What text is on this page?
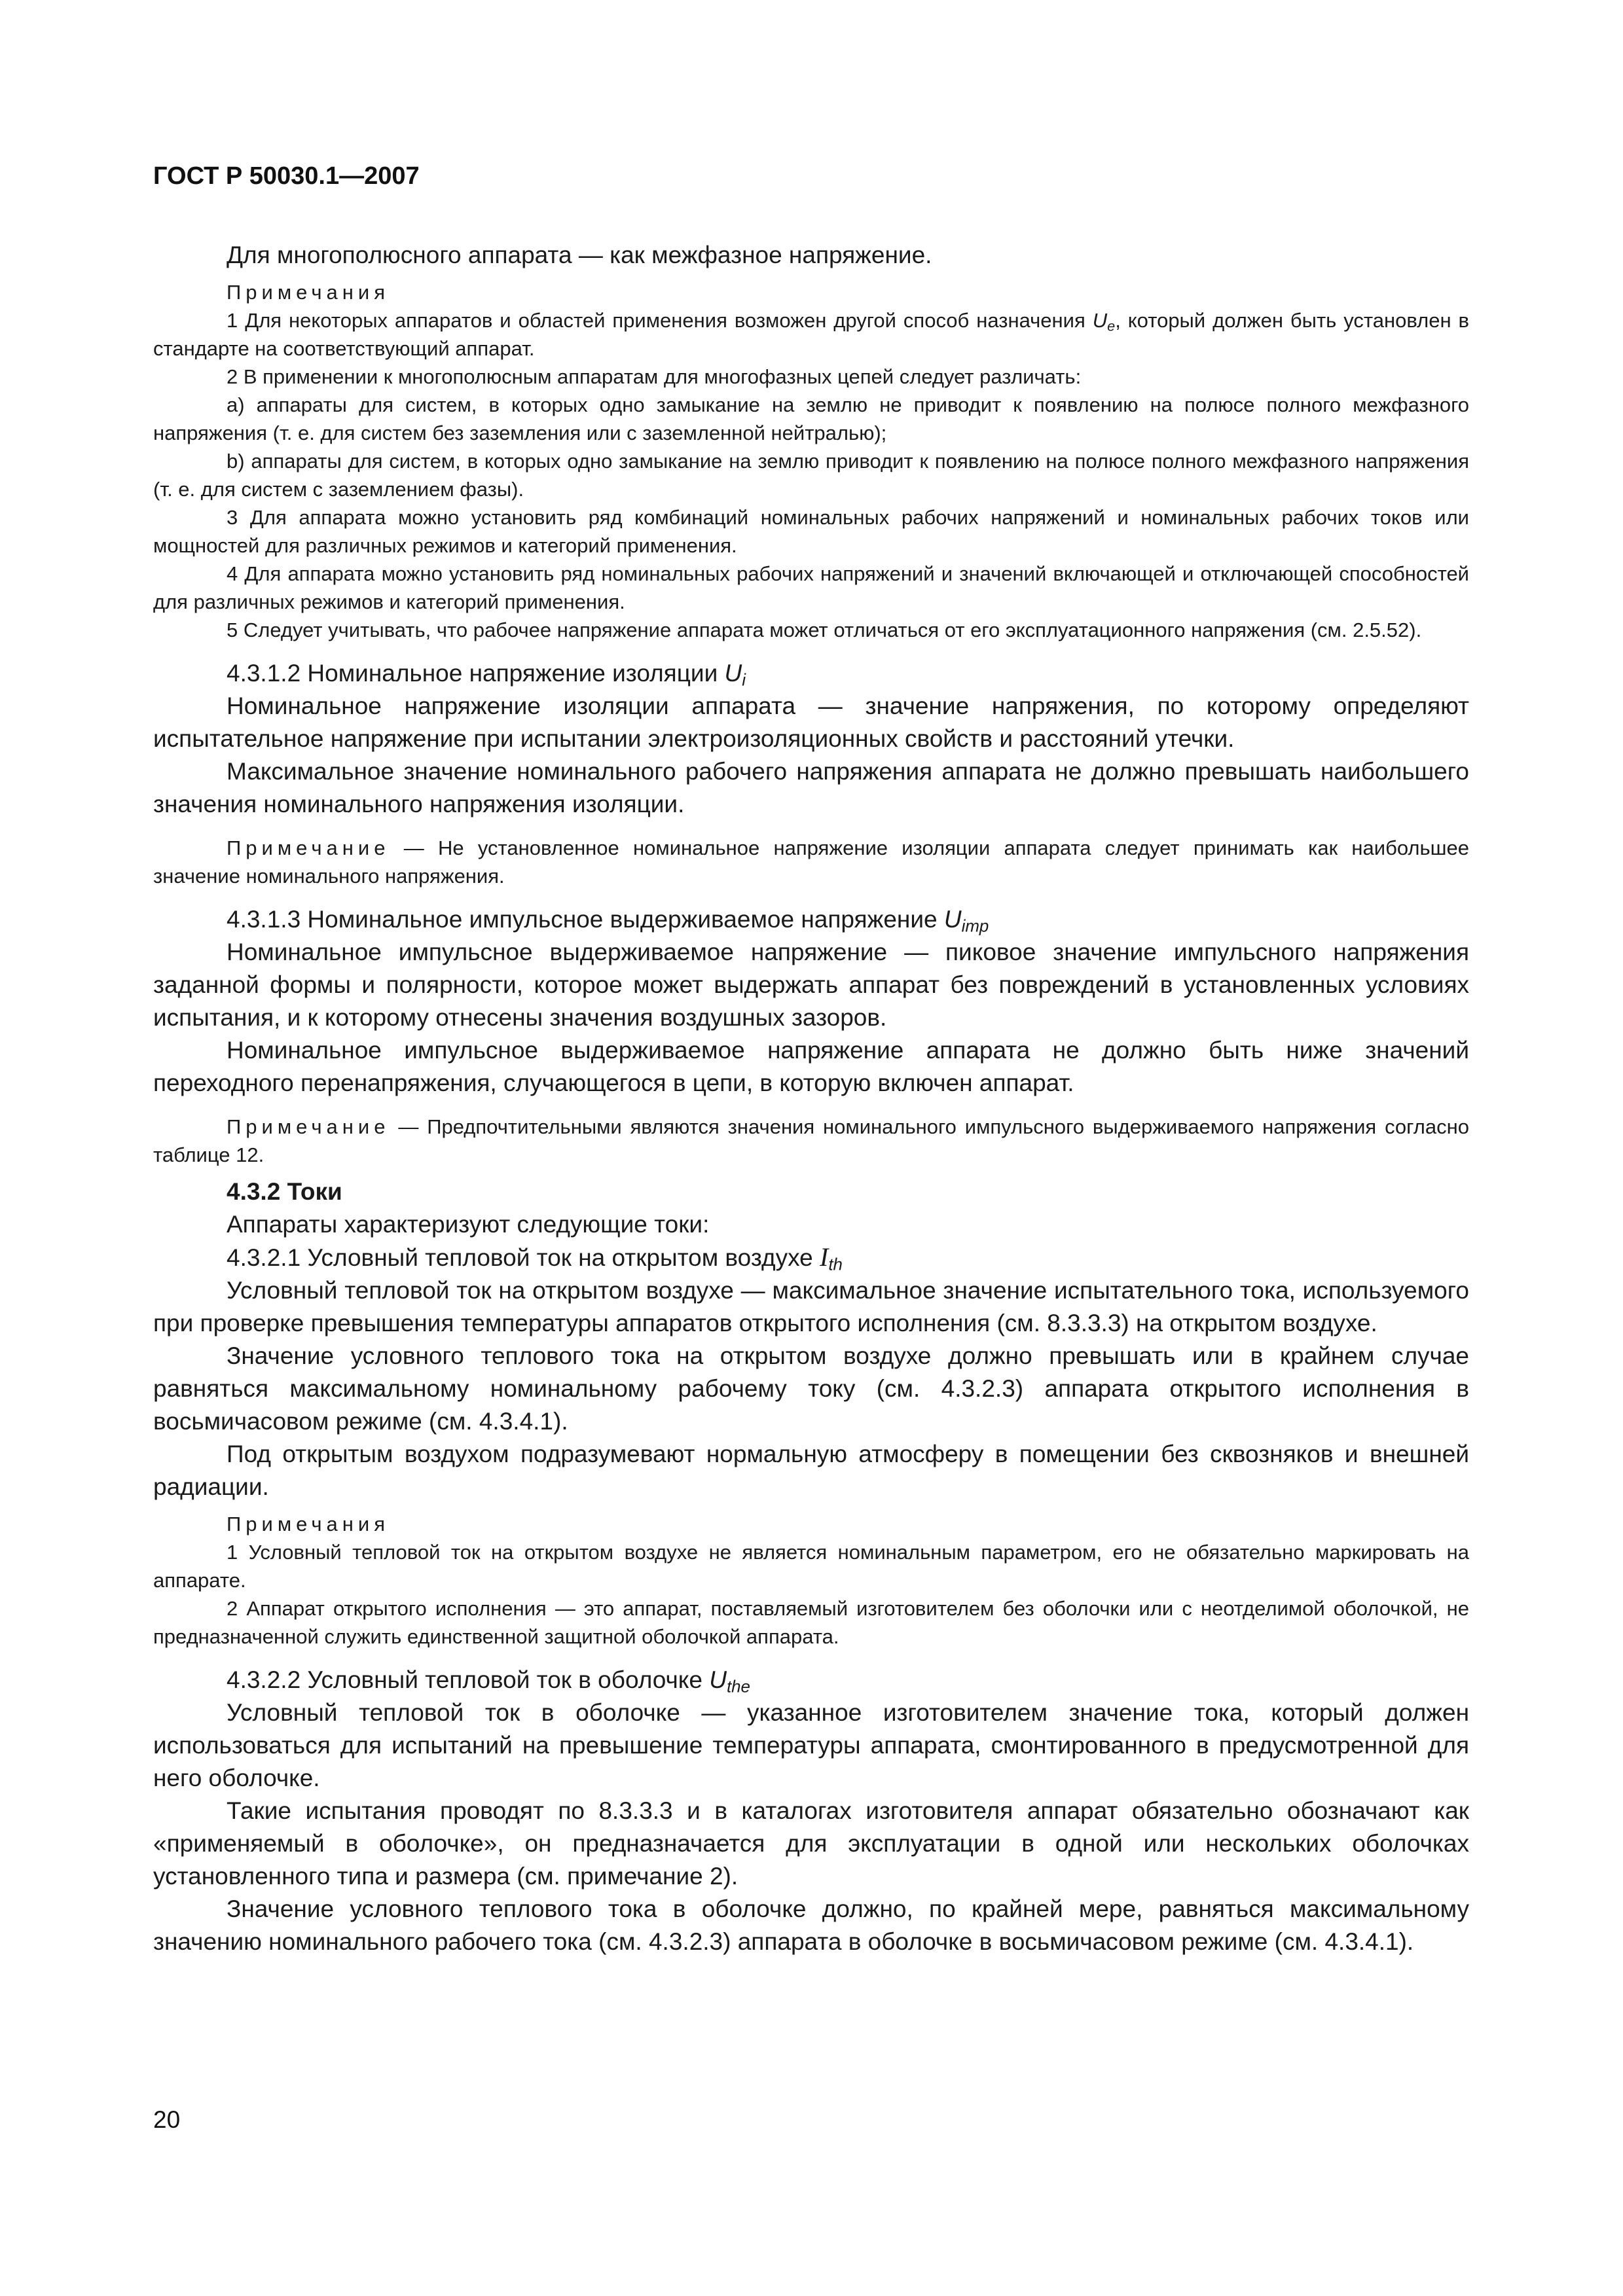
ГОСТ Р 50030.1—2007

Для многополюсного аппарата — как межфазное напряжение.

Примечания

1 Для некоторых аппаратов и областей применения возможен другой способ назначения $U_e$, который должен быть установлен в стандарте на соответствующий аппарат.

2 В применении к многополюсным аппаратам для многофазных цепей следует различать:

a) аппараты для систем, в которых одно замыкание на землю не приводит к появлению на полюсе полного межфазного напряжения (т. е. для систем без заземления или с заземленной нейтралью);

b) аппараты для систем, в которых одно замыкание на землю приводит к появлению на полюсе полного межфазного напряжения (т. е. для систем с заземлением фазы).

3 Для аппарата можно установить ряд комбинаций номинальных рабочих напряжений и номинальных рабочих токов или мощностей для различных режимов и категорий применения.

4 Для аппарата можно установить ряд номинальных рабочих напряжений и значений включающей и отключающей способностей для различных режимов и категорий применения.

5 Следует учитывать, что рабочее напряжение аппарата может отличаться от его эксплуатационного напряжения (см. 2.5.52).

4.3.1.2 Номинальное напряжение изоляции $U_i$

Номинальное напряжение изоляции аппарата — значение напряжения, по которому определяют испытательное напряжение при испытании электроизоляционных свойств и расстояний утечки.

Максимальное значение номинального рабочего напряжения аппарата не должно превышать наибольшего значения номинального напряжения изоляции.

Примечание — Не установленное номинальное напряжение изоляции аппарата следует принимать как наибольшее значение номинального напряжения.

4.3.1.3 Номинальное импульсное выдерживаемое напряжение $U_{imp}$

Номинальное импульсное выдерживаемое напряжение — пиковое значение импульсного напряжения заданной формы и полярности, которое может выдержать аппарат без повреждений в установленных условиях испытания, и к которому отнесены значения воздушных зазоров.

Номинальное импульсное выдерживаемое напряжение аппарата не должно быть ниже значений переходного перенапряжения, случающегося в цепи, в которую включен аппарат.

Примечание — Предпочтительными являются значения номинального импульсного выдерживаемого напряжения согласно таблице 12.

4.3.2 Токи

Аппараты характеризуют следующие токи:

4.3.2.1 Условный тепловой ток на открытом воздухе $I_{th}$

Условный тепловой ток на открытом воздухе — максимальное значение испытательного тока, используемого при проверке превышения температуры аппаратов открытого исполнения (см. 8.3.3.3) на открытом воздухе.

Значение условного теплового тока на открытом воздухе должно превышать или в крайнем случае равняться максимальному номинальному рабочему току (см. 4.3.2.3) аппарата открытого исполнения в восьмичасовом режиме (см. 4.3.4.1).

Под открытым воздухом подразумевают нормальную атмосферу в помещении без сквозняков и внешней радиации.

Примечания

1 Условный тепловой ток на открытом воздухе не является номинальным параметром, его не обязательно маркировать на аппарате.

2 Аппарат открытого исполнения — это аппарат, поставляемый изготовителем без оболочки или с неотделимой оболочкой, не предназначенной служить единственной защитной оболочкой аппарата.

4.3.2.2 Условный тепловой ток в оболочке $U_{the}$

Условный тепловой ток в оболочке — указанное изготовителем значение тока, который должен использоваться для испытаний на превышение температуры аппарата, смонтированного в предусмотренной для него оболочке.

Такие испытания проводят по 8.3.3.3 и в каталогах изготовителя аппарат обязательно обозначают как «применяемый в оболочке», он предназначается для эксплуатации в одной или нескольких оболочках установленного типа и размера (см. примечание 2).

Значение условного теплового тока в оболочке должно, по крайней мере, равняться максимальному значению номинального рабочего тока (см. 4.3.2.3) аппарата в оболочке в восьмичасовом режиме (см. 4.3.4.1).

20
